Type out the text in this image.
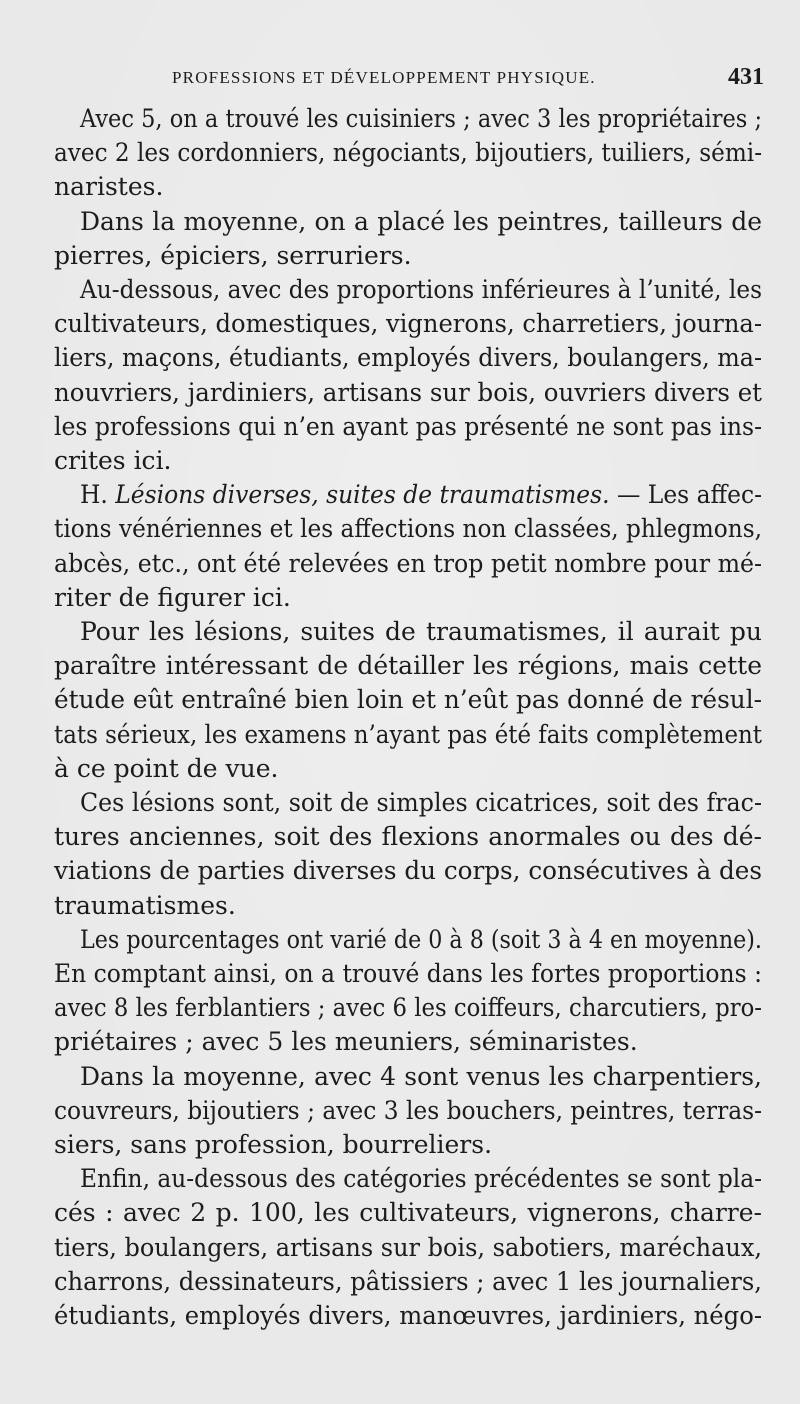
PROFESSIONS ET DÉVELOPPEMENT PHYSIQUE.	431
Avec 5, on a trouvé les cuisiniers ; avec 3 les propriétaires ;
avec 2 les cordonniers, négociants, bijoutiers, tuiliers, sémi-
naristes.
Dans la moyenne, on a placé les peintres, tailleurs de
pierres, épiciers, serruriers.
Au-dessous, avec des proportions inférieures à l’unité, les
cultivateurs, domestiques, vignerons, charretiers, journa-
liers, maçons, étudiants, employés divers, boulangers, ma-
nouvriers, jardiniers, artisans sur bois, ouvriers divers et
les professions qui n’en ayant pas présenté ne sont pas ins-
crites ici.
H. Lésions diverses, suites de traumatismes. — Les affec-
tions vénériennes et les affections non classées, phlegmons,
abcès, etc., ont été relevées en trop petit nombre pour mé-
riter de figurer ici.
Pour les lésions, suites de traumatismes, il aurait pu
paraître intéressant de détailler les régions, mais cette
étude eût entraîné bien loin et n’eût pas donné de résul-
tats sérieux, les examens n’ayant pas été faits complètement
à ce point de vue.
Ces lésions sont, soit de simples cicatrices, soit des frac-
tures anciennes, soit des flexions anormales ou des dé-
viations de parties diverses du corps, consécutives à des
traumatismes.
Les pourcentages ont varié de 0 à 8 (soit 3 à 4 en moyenne).
En comptant ainsi, on a trouvé dans les fortes proportions :
avec 8 les ferblantiers ; avec 6 les coiffeurs, charcutiers, pro-
priétaires ; avec 5 les meuniers, séminaristes.
Dans la moyenne, avec 4 sont venus les charpentiers,
couvreurs, bijoutiers ; avec 3 les bouchers, peintres, terras-
siers, sans profession, bourreliers.
Enfin, au-dessous des catégories précédentes se sont pla-
cés : avec 2 p. 100, les cultivateurs, vignerons, charre-
tiers, boulangers, artisans sur bois, sabotiers, maréchaux,
charrons, dessinateurs, pâtissiers ; avec 1 les journaliers,
étudiants, employés divers, manœuvres, jardiniers, négo-
